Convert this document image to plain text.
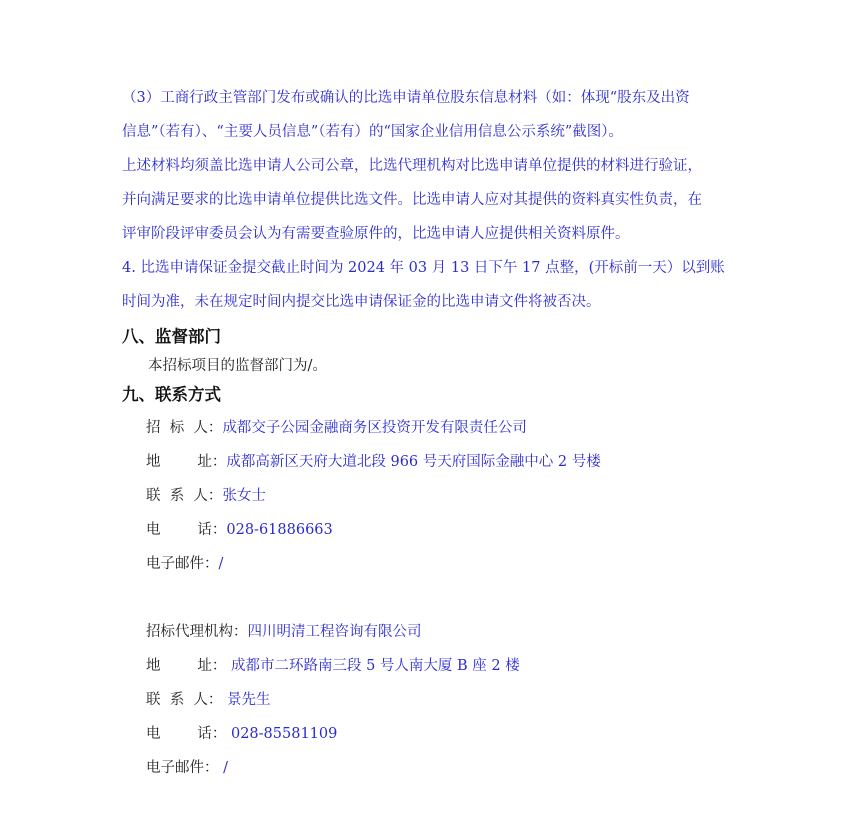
（3）工商行政主管部门发布或确认的比选申请单位股东信息材料（如：体现“股东及出资
信息”（若有）、“主要人员信息”（若有）的“国家企业信用信息公示系统”截图）。
上述材料均须盖比选申请人公司公章，比选代理机构对比选申请单位提供的材料进行验证，
并向满足要求的比选申请单位提供比选文件。比选申请人应对其提供的资料真实性负责，在
评审阶段评审委员会认为有需要查验原件的，比选申请人应提供相关资料原件。
4. 比选申请保证金提交截止时间为 2024 年 03 月 13 日下午 17 点整，(开标前一天）以到账
时间为准，未在规定时间内提交比选申请保证金的比选申请文件将被否决。
八、监督部门
本招标项目的监督部门为/。
九、联系方式
招  标  人：成都交子公园金融商务区投资开发有限责任公司
地        址：成都高新区天府大道北段 966 号天府国际金融中心 2 号楼
联  系  人：张女士
电        话：028-61886663
电子邮件：/
招标代理机构：四川明清工程咨询有限公司
地        址： 成都市二环路南三段 5 号人南大厦 B 座 2 楼
联  系  人： 景先生
电        话： 028-85581109
电子邮件： /
